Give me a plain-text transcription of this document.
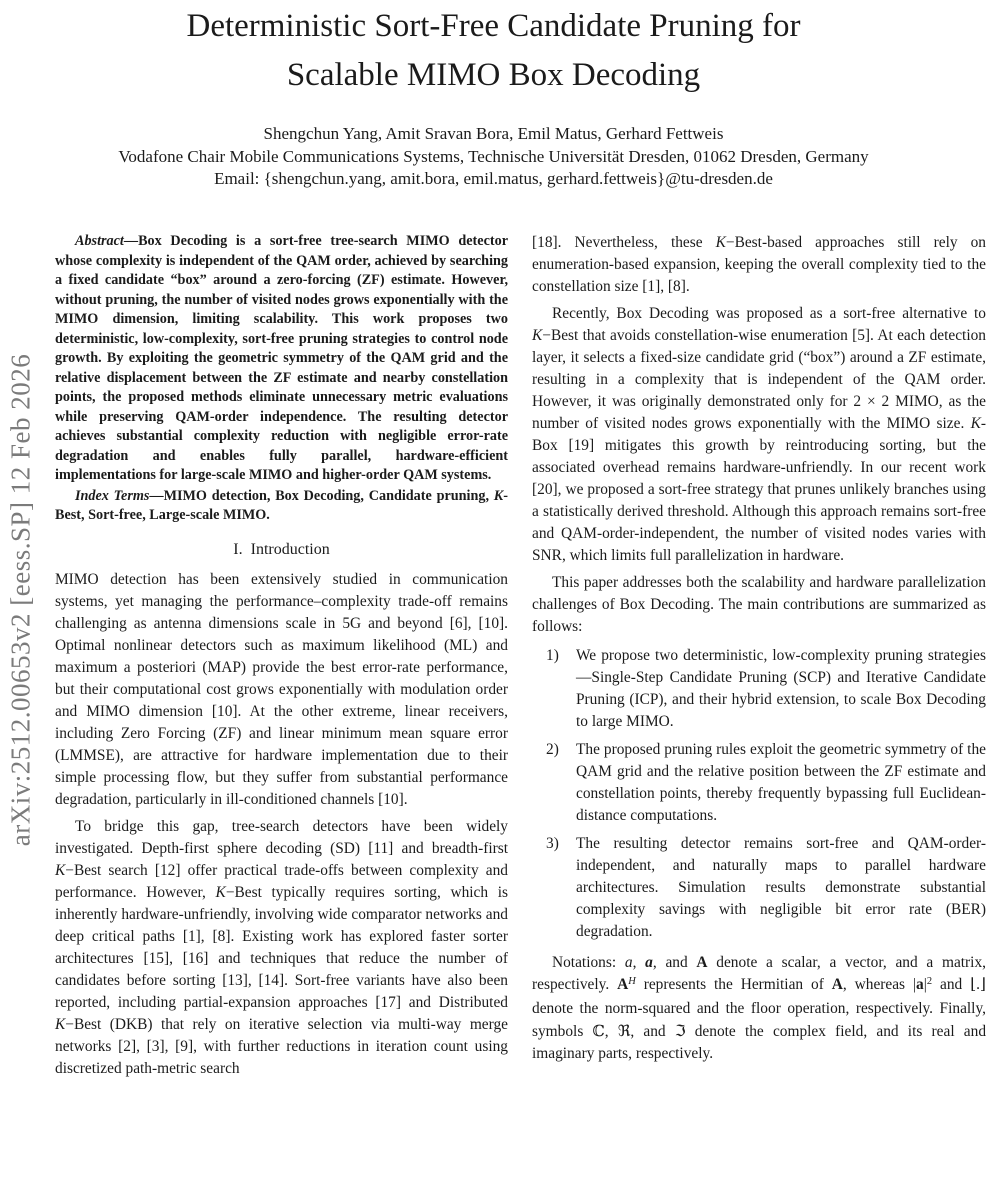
arXiv:2512.00653v2 [eess.SP] 12 Feb 2026
Deterministic Sort-Free Candidate Pruning for
Scalable MIMO Box Decoding
Shengchun Yang, Amit Sravan Bora, Emil Matus, Gerhard Fettweis
Vodafone Chair Mobile Communications Systems, Technische Universität Dresden, 01062 Dresden, Germany
Email: {shengchun.yang, amit.bora, emil.matus, gerhard.fettweis}@tu-dresden.de

Abstract—Box Decoding is a sort-free tree-search MIMO detector whose complexity is independent of the QAM order, achieved by searching a fixed candidate “box” around a zero-forcing (ZF) estimate. However, without pruning, the number of visited nodes grows exponentially with the MIMO dimension, limiting scalability. This work proposes two deterministic, low-complexity, sort-free pruning strategies to control node growth. By exploiting the geometric symmetry of the QAM grid and the relative displacement between the ZF estimate and nearby constellation points, the proposed methods eliminate unnecessary metric evaluations while preserving QAM-order independence. The resulting detector achieves substantial complexity reduction with negligible error-rate degradation and enables fully parallel, hardware-efficient implementations for large-scale MIMO and higher-order QAM systems.

Index Terms—MIMO detection, Box Decoding, Candidate pruning, K-Best, Sort-free, Large-scale MIMO.

I. Introduction

MIMO detection has been extensively studied in communication systems, yet managing the performance–complexity trade-off remains challenging as antenna dimensions scale in 5G and beyond [6], [10]. Optimal nonlinear detectors such as maximum likelihood (ML) and maximum a posteriori (MAP) provide the best error-rate performance, but their computational cost grows exponentially with modulation order and MIMO dimension [10]. At the other extreme, linear receivers, including Zero Forcing (ZF) and linear minimum mean square error (LMMSE), are attractive for hardware implementation due to their simple processing flow, but they suffer from substantial performance degradation, particularly in ill-conditioned channels [10].

To bridge this gap, tree-search detectors have been widely investigated. Depth-first sphere decoding (SD) [11] and breadth-first K−Best search [12] offer practical trade-offs between complexity and performance. However, K−Best typically requires sorting, which is inherently hardware-unfriendly, involving wide comparator networks and deep critical paths [1], [8]. Existing work has explored faster sorter architectures [15], [16] and techniques that reduce the number of candidates before sorting [13], [14]. Sort-free variants have also been reported, including partial-expansion approaches [17] and Distributed K−Best (DKB) that rely on iterative selection via multi-way merge networks [2], [3], [9], with further reductions in iteration count using discretized path-metric search

[18]. Nevertheless, these K−Best-based approaches still rely on enumeration-based expansion, keeping the overall complexity tied to the constellation size [1], [8].

Recently, Box Decoding was proposed as a sort-free alternative to K−Best that avoids constellation-wise enumeration [5]. At each detection layer, it selects a fixed-size candidate grid (“box”) around a ZF estimate, resulting in a complexity that is independent of the QAM order. However, it was originally demonstrated only for 2 × 2 MIMO, as the number of visited nodes grows exponentially with the MIMO size. K-Box [19] mitigates this growth by reintroducing sorting, but the associated overhead remains hardware-unfriendly. In our recent work [20], we proposed a sort-free strategy that prunes unlikely branches using a statistically derived threshold. Although this approach remains sort-free and QAM-order-independent, the number of visited nodes varies with SNR, which limits full parallelization in hardware.

This paper addresses both the scalability and hardware parallelization challenges of Box Decoding. The main contributions are summarized as follows:

1)	We propose two deterministic, low-complexity pruning strategies—Single-Step Candidate Pruning (SCP) and Iterative Candidate Pruning (ICP), and their hybrid extension, to scale Box Decoding to large MIMO.
2)	The proposed pruning rules exploit the geometric symmetry of the QAM grid and the relative position between the ZF estimate and constellation points, thereby frequently bypassing full Euclidean-distance computations.
3)	The resulting detector remains sort-free and QAM-order-independent, and naturally maps to parallel hardware architectures. Simulation results demonstrate substantial complexity savings with negligible bit error rate (BER) degradation.

Notations: a, a, and A denote a scalar, a vector, and a matrix, respectively. $A^H$ represents the Hermitian of A, whereas $|a|^2$ and ⌊.⌋ denote the norm-squared and the floor operation, respectively. Finally, symbols ℂ, ℜ, and ℑ denote the complex field, and its real and imaginary parts, respectively.
